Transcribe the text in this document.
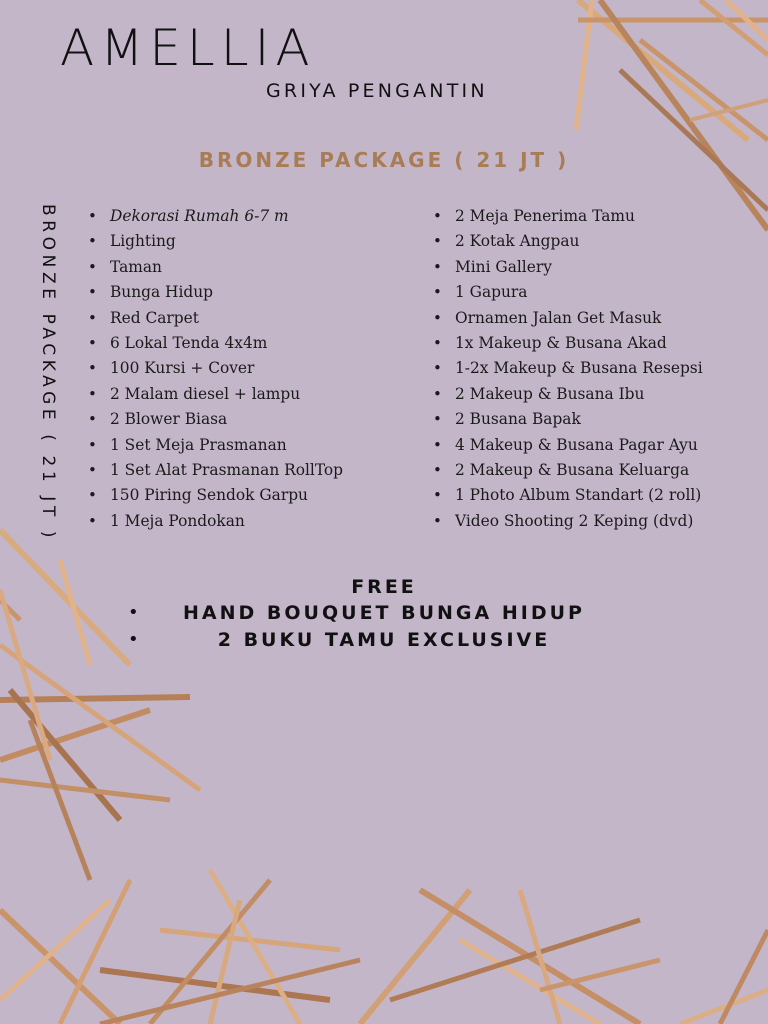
AMELLIA
GRIYA PENGANTIN
BRONZE PACKAGE ( 21 JT )
BRONZE PACKAGE ( 21 JT )
•	Dekorasi Rumah 6-7 m
• Lighting
• Taman
• Bunga Hidup
• Red Carpet
• 6 Lokal Tenda 4x4m
• 100 Kursi + Cover
• 2 Malam diesel + lampu
• 2 Blower Biasa
• 1 Set Meja Prasmanan
• 1 Set Alat Prasmanan RollTop
• 150 Piring Sendok Garpu
• 1 Meja Pondokan
• 2 Meja Penerima Tamu
• 2 Kotak Angpau
• Mini Gallery
• 1 Gapura
• Ornamen Jalan Get Masuk
• 1x Makeup & Busana Akad
• 1-2x Makeup & Busana Resepsi
• 2 Makeup & Busana Ibu
• 2 Busana Bapak
• 4 Makeup & Busana Pagar Ayu
• 2 Makeup & Busana Keluarga
• 1 Photo Album Standart (2 roll)
• Video Shooting 2 Keping (dvd)
FREE
•	HAND BOUQUET BUNGA HIDUP
•	2 BUKU TAMU EXCLUSIVE
